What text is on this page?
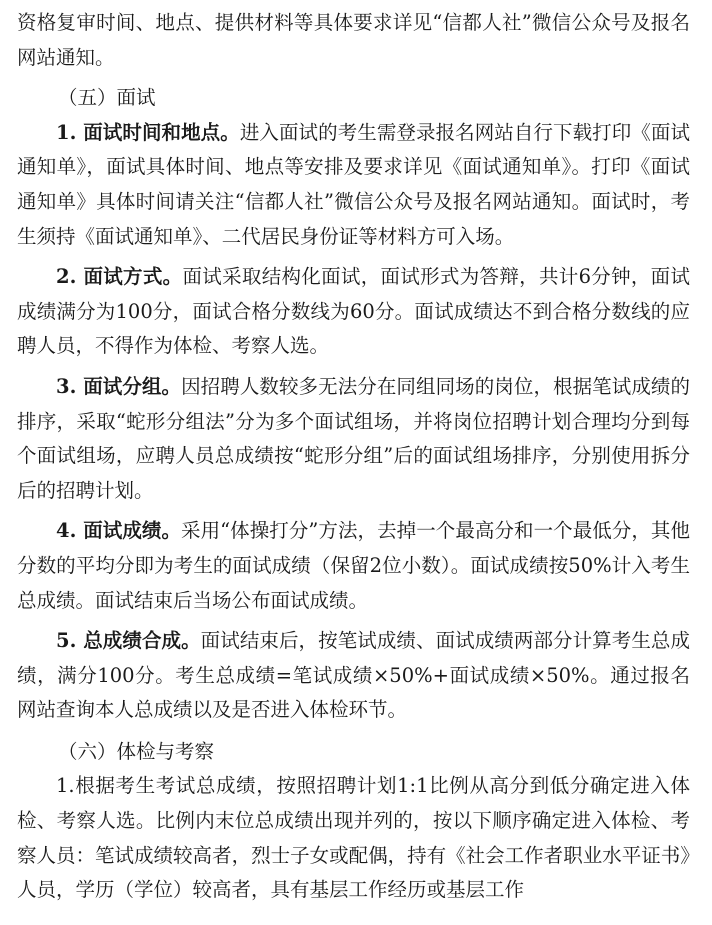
资格复审时间、地点、提供材料等具体要求详见“信都人社”微信公众号及报名网站通知。

（五）面试

1. 面试时间和地点。进入面试的考生需登录报名网站自行下载打印《面试通知单》，面试具体时间、地点等安排及要求详见《面试通知单》。打印《面试通知单》具体时间请关注“信都人社”微信公众号及报名网站通知。面试时，考生须持《面试通知单》、二代居民身份证等材料方可入场。

2. 面试方式。面试采取结构化面试，面试形式为答辩，共计6分钟，面试成绩满分为100分，面试合格分数线为60分。面试成绩达不到合格分数线的应聘人员，不得作为体检、考察人选。

3. 面试分组。因招聘人数较多无法分在同组同场的岗位，根据笔试成绩的排序，采取“蛇形分组法”分为多个面试组场，并将岗位招聘计划合理均分到每个面试组场，应聘人员总成绩按“蛇形分组”后的面试组场排序，分别使用拆分后的招聘计划。

4. 面试成绩。采用“体操打分”方法，去掉一个最高分和一个最低分，其他分数的平均分即为考生的面试成绩（保留2位小数）。面试成绩按50%计入考生总成绩。面试结束后当场公布面试成绩。

5. 总成绩合成。面试结束后，按笔试成绩、面试成绩两部分计算考生总成绩，满分100分。考生总成绩=笔试成绩×50%+面试成绩×50%。通过报名网站查询本人总成绩以及是否进入体检环节。

（六）体检与考察

1.根据考生考试总成绩，按照招聘计划1:1比例从高分到低分确定进入体检、考察人选。比例内末位总成绩出现并列的，按以下顺序确定进入体检、考察人员：笔试成绩较高者，烈士子女或配偶，持有《社会工作者职业水平证书》人员，学历（学位）较高者，具有基层工作经历或基层工作
